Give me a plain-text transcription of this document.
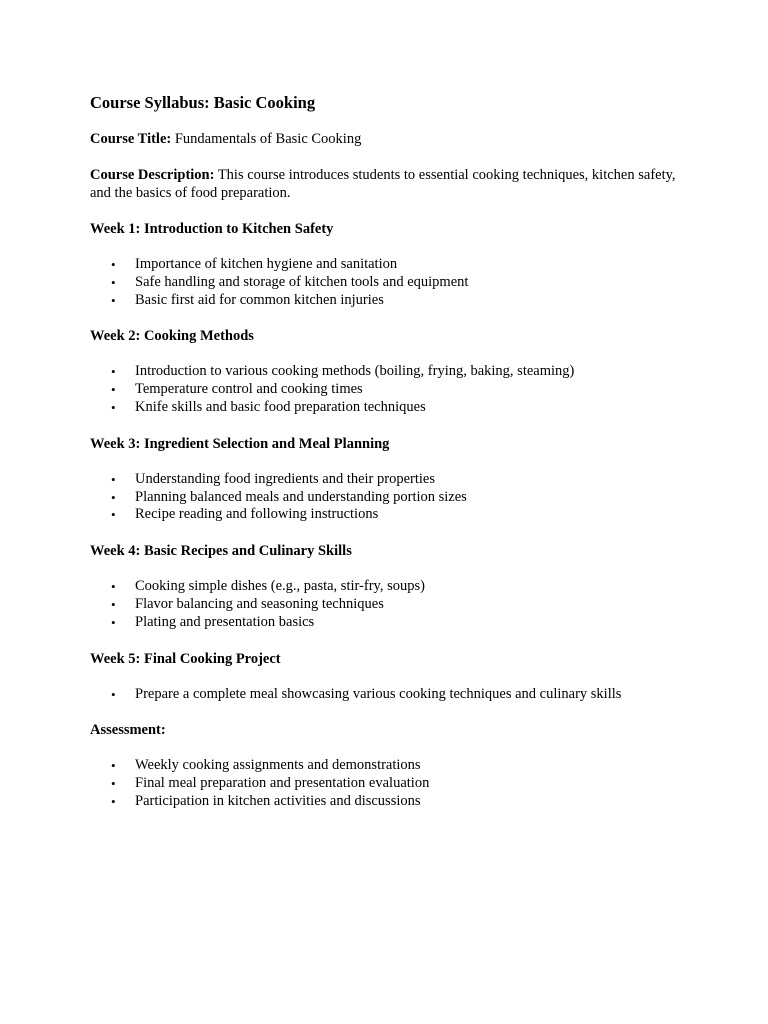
Course Syllabus: Basic Cooking

Course Title: Fundamentals of Basic Cooking

Course Description: This course introduces students to essential cooking techniques, kitchen safety, and the basics of food preparation.

Week 1: Introduction to Kitchen Safety

• Importance of kitchen hygiene and sanitation
• Safe handling and storage of kitchen tools and equipment
• Basic first aid for common kitchen injuries

Week 2: Cooking Methods

• Introduction to various cooking methods (boiling, frying, baking, steaming)
• Temperature control and cooking times
• Knife skills and basic food preparation techniques

Week 3: Ingredient Selection and Meal Planning

• Understanding food ingredients and their properties
• Planning balanced meals and understanding portion sizes
• Recipe reading and following instructions

Week 4: Basic Recipes and Culinary Skills

• Cooking simple dishes (e.g., pasta, stir-fry, soups)
• Flavor balancing and seasoning techniques
• Plating and presentation basics

Week 5: Final Cooking Project

• Prepare a complete meal showcasing various cooking techniques and culinary skills

Assessment:

• Weekly cooking assignments and demonstrations
• Final meal preparation and presentation evaluation
• Participation in kitchen activities and discussions
